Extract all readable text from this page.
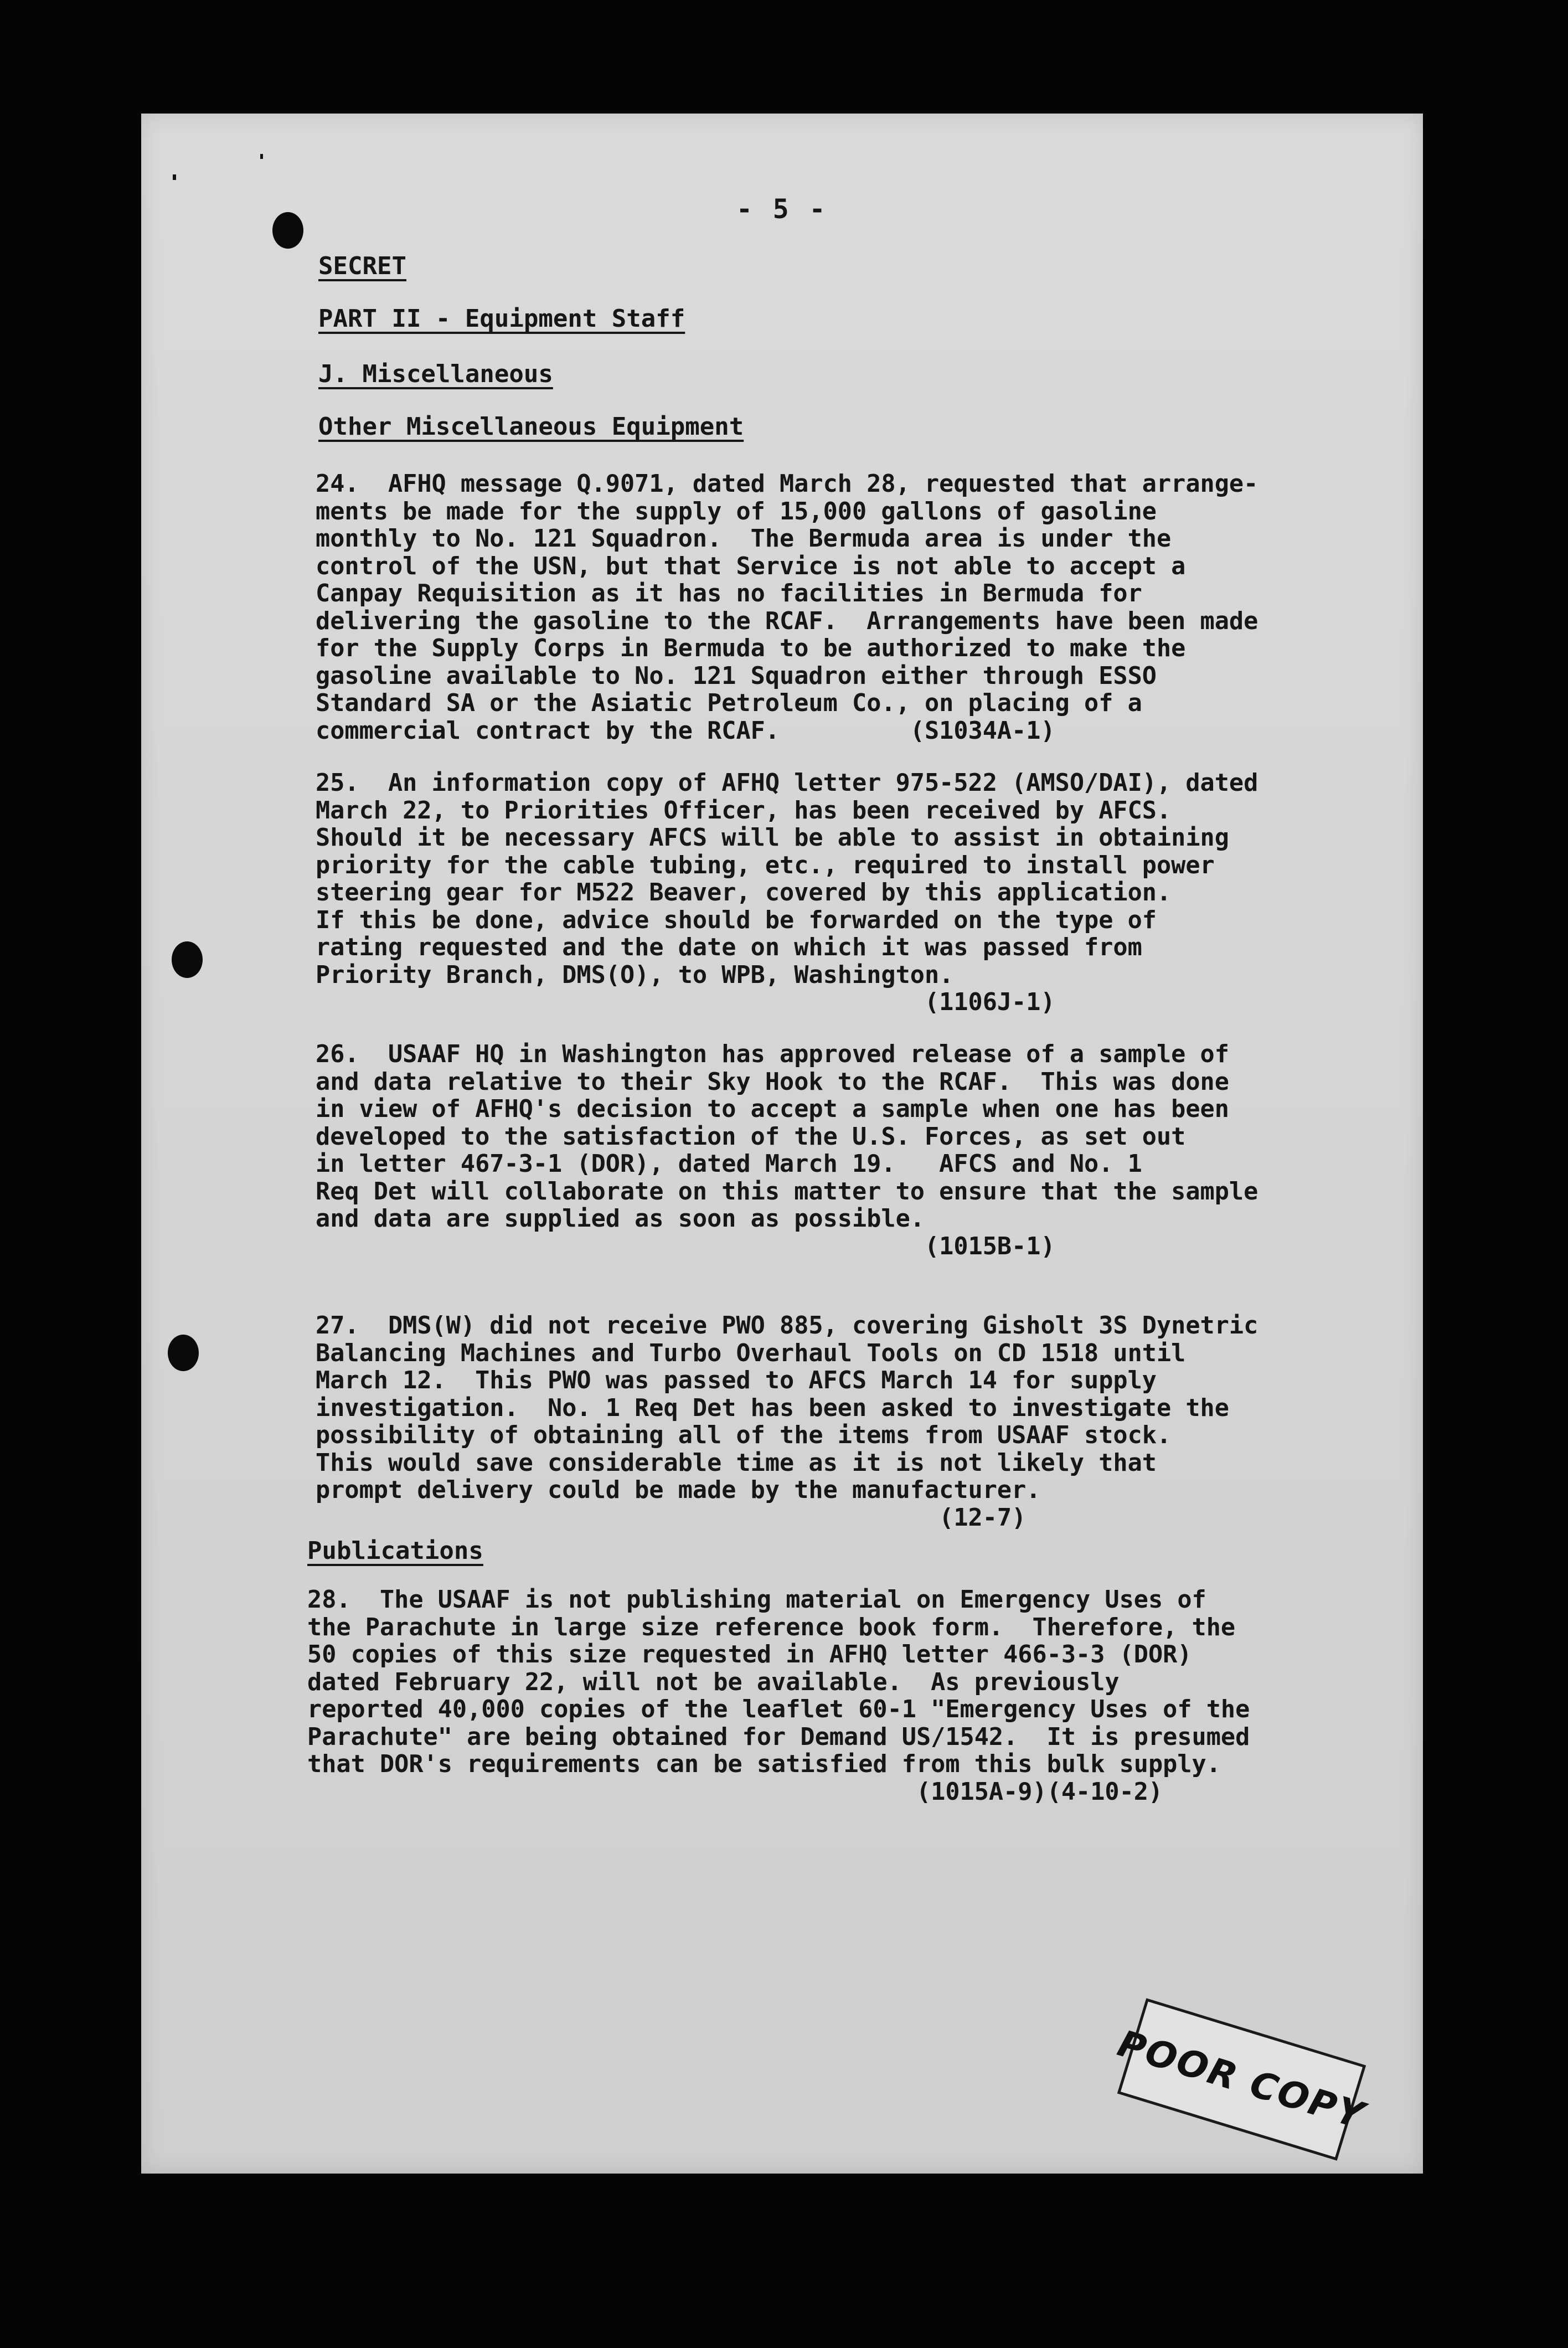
- 5 -
SECRET
PART II - Equipment Staff
J. Miscellaneous
Other Miscellaneous Equipment
24.  AFHQ message Q.9071, dated March 28, requested that arrange-
ments be made for the supply of 15,000 gallons of gasoline
monthly to No. 121 Squadron.  The Bermuda area is under the
control of the USN, but that Service is not able to accept a
Canpay Requisition as it has no facilities in Bermuda for
delivering the gasoline to the RCAF.  Arrangements have been made
for the Supply Corps in Bermuda to be authorized to make the
gasoline available to No. 121 Squadron either through ESSO
Standard SA or the Asiatic Petroleum Co., on placing of a
commercial contract by the RCAF.         (S1034A-1)
25.  An information copy of AFHQ letter 975-522 (AMSO/DAI), dated
March 22, to Priorities Officer, has been received by AFCS.
Should it be necessary AFCS will be able to assist in obtaining
priority for the cable tubing, etc., required to install power
steering gear for M522 Beaver, covered by this application.
If this be done, advice should be forwarded on the type of
rating requested and the date on which it was passed from
Priority Branch, DMS(O), to WPB, Washington.
(1106J-1)
26.  USAAF HQ in Washington has approved release of a sample of
and data relative to their Sky Hook to the RCAF.  This was done
in view of AFHQ's decision to accept a sample when one has been
developed to the satisfaction of the U.S. Forces, as set out
in letter 467-3-1 (DOR), dated March 19.   AFCS and No. 1
Req Det will collaborate on this matter to ensure that the sample
and data are supplied as soon as possible.
(1015B-1)
27.  DMS(W) did not receive PWO 885, covering Gisholt 3S Dynetric
Balancing Machines and Turbo Overhaul Tools on CD 1518 until
March 12.  This PWO was passed to AFCS March 14 for supply
investigation.  No. 1 Req Det has been asked to investigate the
possibility of obtaining all of the items from USAAF stock.
This would save considerable time as it is not likely that
prompt delivery could be made by the manufacturer.
(12-7)
Publications
28.  The USAAF is not publishing material on Emergency Uses of
the Parachute in large size reference book form.  Therefore, the
50 copies of this size requested in AFHQ letter 466-3-3 (DOR)
dated February 22, will not be available.  As previously
reported 40,000 copies of the leaflet 60-1 "Emergency Uses of the
Parachute" are being obtained for Demand US/1542.  It is presumed
that DOR's requirements can be satisfied from this bulk supply.
(1015A-9)(4-10-2)
POOR COPY
